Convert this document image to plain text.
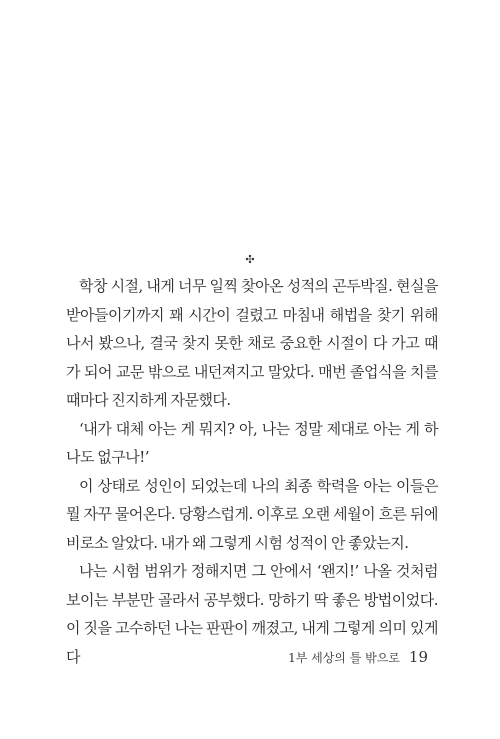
✣

학창 시절, 내게 너무 일찍 찾아온 성적의 곤두박질. 현실을 받아들이기까지 꽤 시간이 걸렸고 마침내 해법을 찾기 위해 나서 봤으나, 결국 찾지 못한 채로 중요한 시절이 다 가고 때가 되어 교문 밖으로 내던져지고 말았다. 매번 졸업식을 치를 때마다 진지하게 자문했다.

‘내가 대체 아는 게 뭐지? 아, 나는 정말 제대로 아는 게 하나도 없구나!’

이 상태로 성인이 되었는데 나의 최종 학력을 아는 이들은 뭘 자꾸 물어온다. 당황스럽게. 이후로 오랜 세월이 흐른 뒤에 비로소 알았다. 내가 왜 그렇게 시험 성적이 안 좋았는지.

나는 시험 범위가 정해지면 그 안에서 ‘왠지!’ 나올 것처럼 보이는 부분만 골라서 공부했다. 망하기 딱 좋은 방법이었다. 이 짓을 고수하던 나는 판판이 깨졌고, 내게 그렇게 의미 있게 다	1부 세상의 틀 밖으로 19
